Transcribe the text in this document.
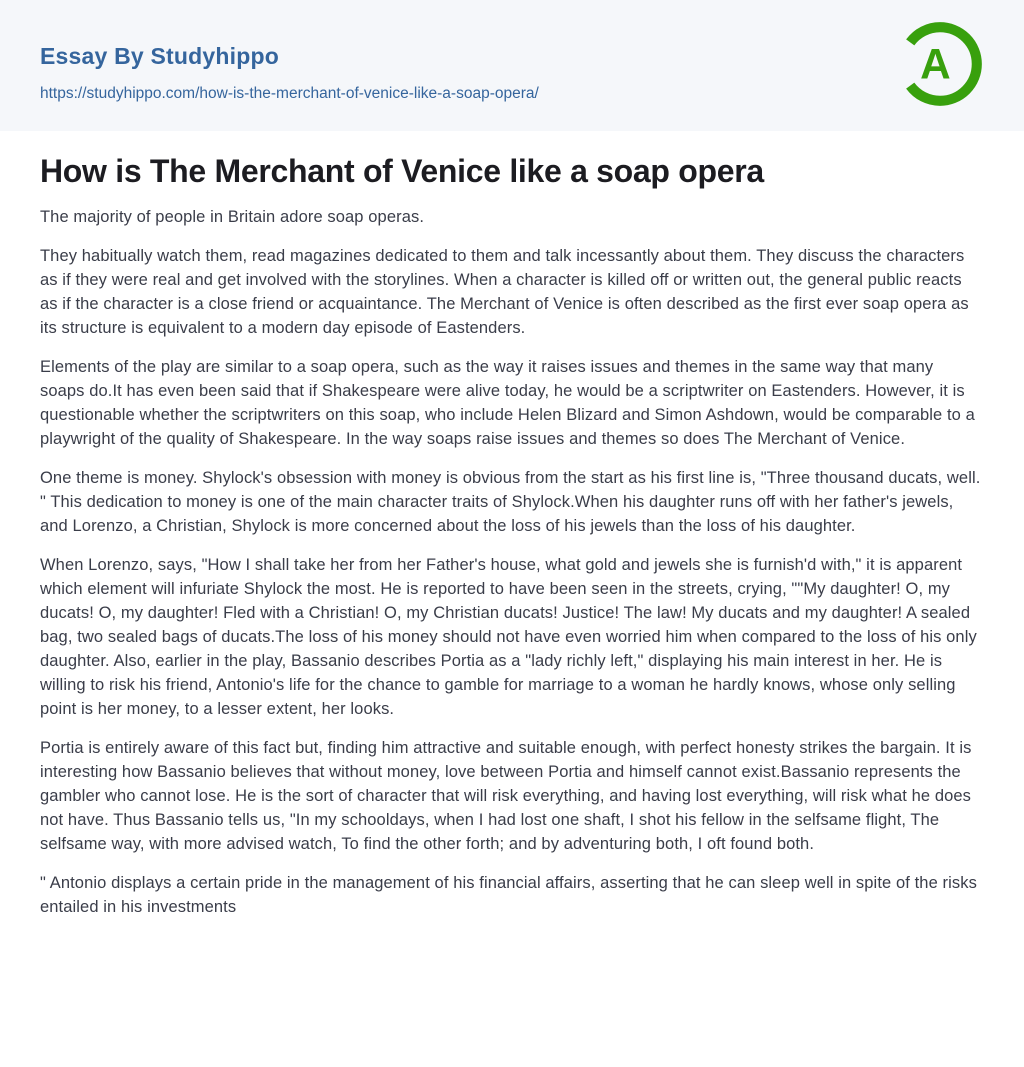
Essay By Studyhippo
https://studyhippo.com/how-is-the-merchant-of-venice-like-a-soap-opera/
A
How is The Merchant of Venice like a soap opera

The majority of people in Britain adore soap operas.

They habitually watch them, read magazines dedicated to them and talk incessantly about them. They discuss the characters as if they were real and get involved with the storylines. When a character is killed off or written out, the general public reacts as if the character is a close friend or acquaintance. The Merchant of Venice is often described as the first ever soap opera as its structure is equivalent to a modern day episode of Eastenders.

Elements of the play are similar to a soap opera, such as the way it raises issues and themes in the same way that many soaps do.It has even been said that if Shakespeare were alive today, he would be a scriptwriter on Eastenders. However, it is questionable whether the scriptwriters on this soap, who include Helen Blizard and Simon Ashdown, would be comparable to a playwright of the quality of Shakespeare. In the way soaps raise issues and themes so does The Merchant of Venice.

One theme is money. Shylock's obsession with money is obvious from the start as his first line is, "Three thousand ducats, well. " This dedication to money is one of the main character traits of Shylock.When his daughter runs off with her father's jewels, and Lorenzo, a Christian, Shylock is more concerned about the loss of his jewels than the loss of his daughter.

When Lorenzo, says, "How I shall take her from her Father's house, what gold and jewels she is furnish'd with," it is apparent which element will infuriate Shylock the most. He is reported to have been seen in the streets, crying, ""My daughter! O, my ducats! O, my daughter! Fled with a Christian! O, my Christian ducats! Justice! The law! My ducats and my daughter! A sealed bag, two sealed bags of ducats.The loss of his money should not have even worried him when compared to the loss of his only daughter. Also, earlier in the play, Bassanio describes Portia as a "lady richly left," displaying his main interest in her. He is willing to risk his friend, Antonio's life for the chance to gamble for marriage to a woman he hardly knows, whose only selling point is her money, to a lesser extent, her looks.

Portia is entirely aware of this fact but, finding him attractive and suitable enough, with perfect honesty strikes the bargain. It is interesting how Bassanio believes that without money, love between Portia and himself cannot exist.Bassanio represents the gambler who cannot lose. He is the sort of character that will risk everything, and having lost everything, will risk what he does not have. Thus Bassanio tells us, "In my schooldays, when I had lost one shaft, I shot his fellow in the selfsame flight, The selfsame way, with more advised watch, To find the other forth; and by adventuring both, I oft found both.

" Antonio displays a certain pride in the management of his financial affairs, asserting that he can sleep well in spite of the risks entailed in his investments
